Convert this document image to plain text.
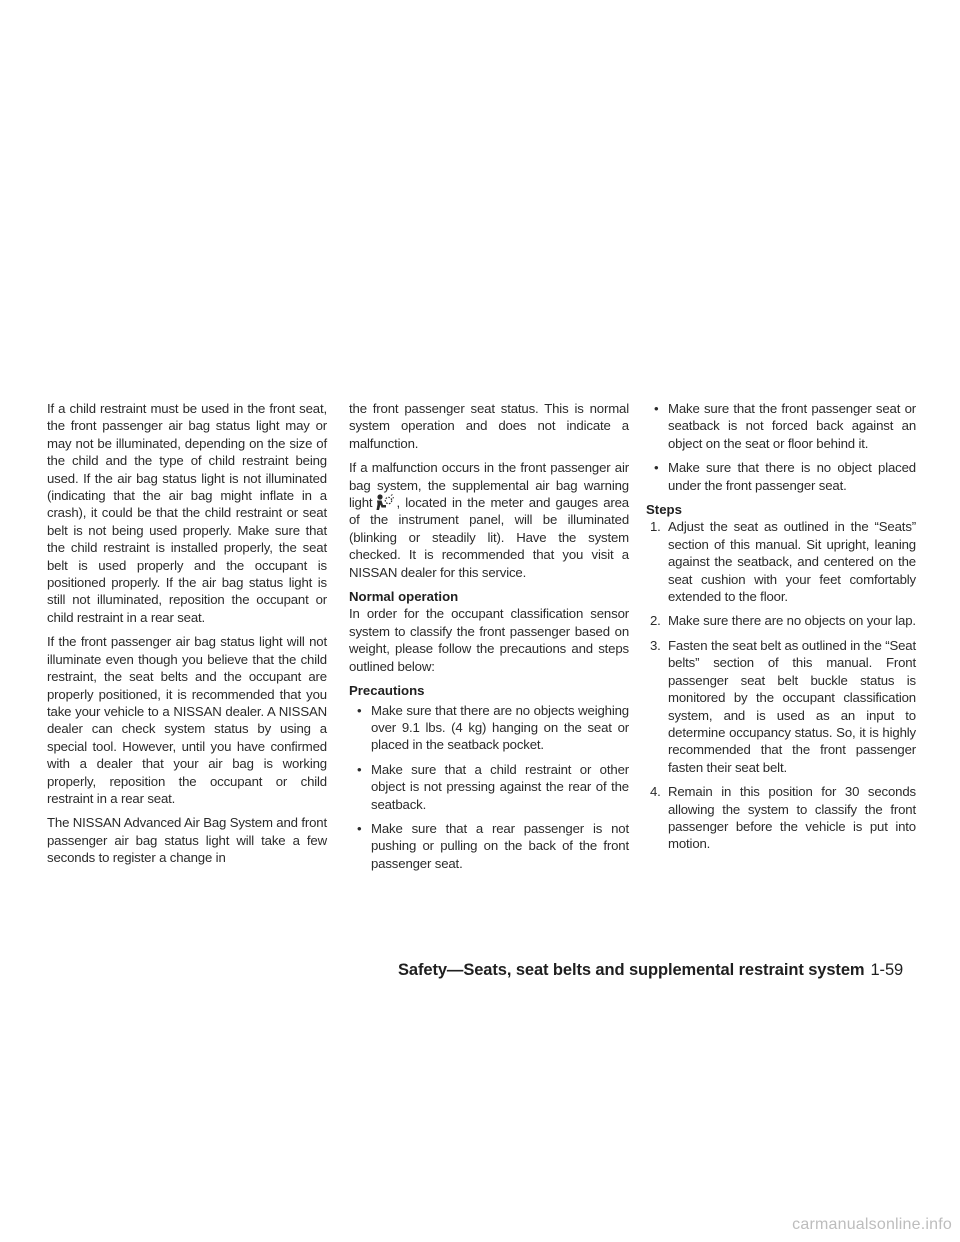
If a child restraint must be used in the front seat, the front passenger air bag status light may or may not be illuminated, depending on the size of the child and the type of child restraint being used. If the air bag status light is not illuminated (indicating that the air bag might inflate in a crash), it could be that the child restraint or seat belt is not being used properly. Make sure that the child restraint is installed properly, the seat belt is used properly and the occupant is positioned properly. If the air bag status light is still not illuminated, reposition the occupant or child restraint in a rear seat.

If the front passenger air bag status light will not illuminate even though you believe that the child restraint, the seat belts and the occupant are properly positioned, it is recommended that you take your vehicle to a NISSAN dealer. A NISSAN dealer can check system status by using a special tool. However, until you have confirmed with a dealer that your air bag is working properly, reposition the occupant or child restraint in a rear seat.

The NISSAN Advanced Air Bag System and front passenger air bag status light will take a few seconds to register a change in

the front passenger seat status. This is normal system operation and does not indicate a malfunction.

If a malfunction occurs in the front passenger air bag system, the supplemental air bag warning light , located in the meter and gauges area of the instrument panel, will be illuminated (blinking or steadily lit). Have the system checked. It is recommended that you visit a NISSAN dealer for this service.

Normal operation

In order for the occupant classification sensor system to classify the front passenger based on weight, please follow the precautions and steps outlined below:

Precautions
• Make sure that there are no objects weighing over 9.1 lbs. (4 kg) hanging on the seat or placed in the seatback pocket.
• Make sure that a child restraint or other object is not pressing against the rear of the seatback.
• Make sure that a rear passenger is not pushing or pulling on the back of the front passenger seat.
• Make sure that the front passenger seat or seatback is not forced back against an object on the seat or floor behind it.
• Make sure that there is no object placed under the front passenger seat.
Steps
1. Adjust the seat as outlined in the “Seats” section of this manual. Sit upright, leaning against the seatback, and centered on the seat cushion with your feet comfortably extended to the floor.
2. Make sure there are no objects on your lap.
3. Fasten the seat belt as outlined in the “Seat belts” section of this manual. Front passenger seat belt buckle status is monitored by the occupant classification system, and is used as an input to determine occupancy status. So, it is highly recommended that the front passenger fasten their seat belt.
4. Remain in this position for 30 seconds allowing the system to classify the front passenger before the vehicle is put into motion.
Safety—Seats, seat belts and supplemental restraint system 1-59
carmanualsonline.info
